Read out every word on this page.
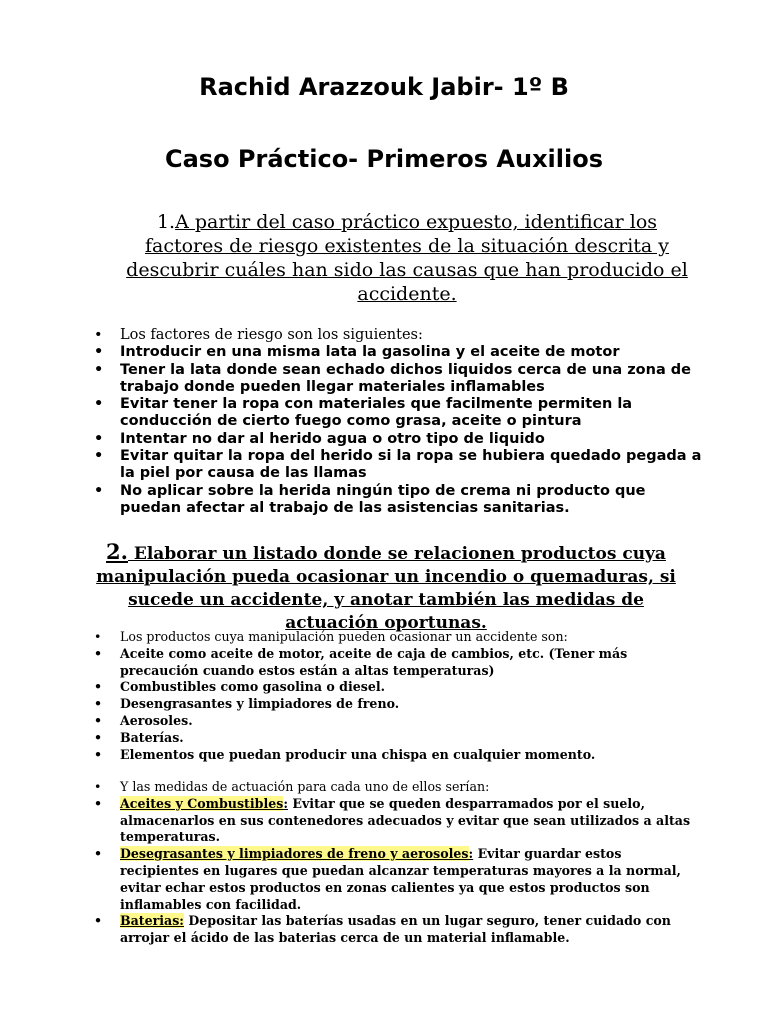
Rachid Arazzouk Jabir- 1º B
Caso Práctico- Primeros Auxilios

1.A partir del caso práctico expuesto, identificar los factores de riesgo existentes de la situación descrita y descubrir cuáles han sido las causas que han producido el accidente.

• Los factores de riesgo son los siguientes:
• Introducir en una misma lata la gasolina y el aceite de motor
• Tener la lata donde sean echado dichos liquidos cerca de una zona de trabajo donde pueden llegar materiales inflamables
• Evitar tener la ropa con materiales que facilmente permiten la conducción de cierto fuego como grasa, aceite o pintura
• Intentar no dar al herido agua o otro tipo de liquido
• Evitar quitar la ropa del herido si la ropa se hubiera quedado pegada a la piel por causa de las llamas
• No aplicar sobre la herida ningún tipo de crema ni producto que puedan afectar al trabajo de las asistencias sanitarias.

2. Elaborar un listado donde se relacionen productos cuya manipulación pueda ocasionar un incendio o quemaduras, si sucede un accidente, y anotar también las medidas de actuación oportunas.

• Los productos cuya manipulación pueden ocasionar un accidente son:
• Aceite como aceite de motor, aceite de caja de cambios, etc. (Tener más precaución cuando estos están a altas temperaturas)
• Combustibles como gasolina o diesel.
• Desengrasantes y limpiadores de freno.
• Aerosoles.
• Baterías.
• Elementos que puedan producir una chispa en cualquier momento.
• Y las medidas de actuación para cada uno de ellos serían:
• Aceites y Combustibles: Evitar que se queden desparramados por el suelo, almacenarlos en sus contenedores adecuados y evitar que sean utilizados a altas temperaturas.
• Desegrasantes y limpiadores de freno y aerosoles: Evitar guardar estos recipientes en lugares que puedan alcanzar temperaturas mayores a la normal, evitar echar estos productos en zonas calientes ya que estos productos son inflamables con facilidad.
• Baterias: Depositar las baterías usadas en un lugar seguro, tener cuidado con arrojar el ácido de las baterias cerca de un material inflamable.
